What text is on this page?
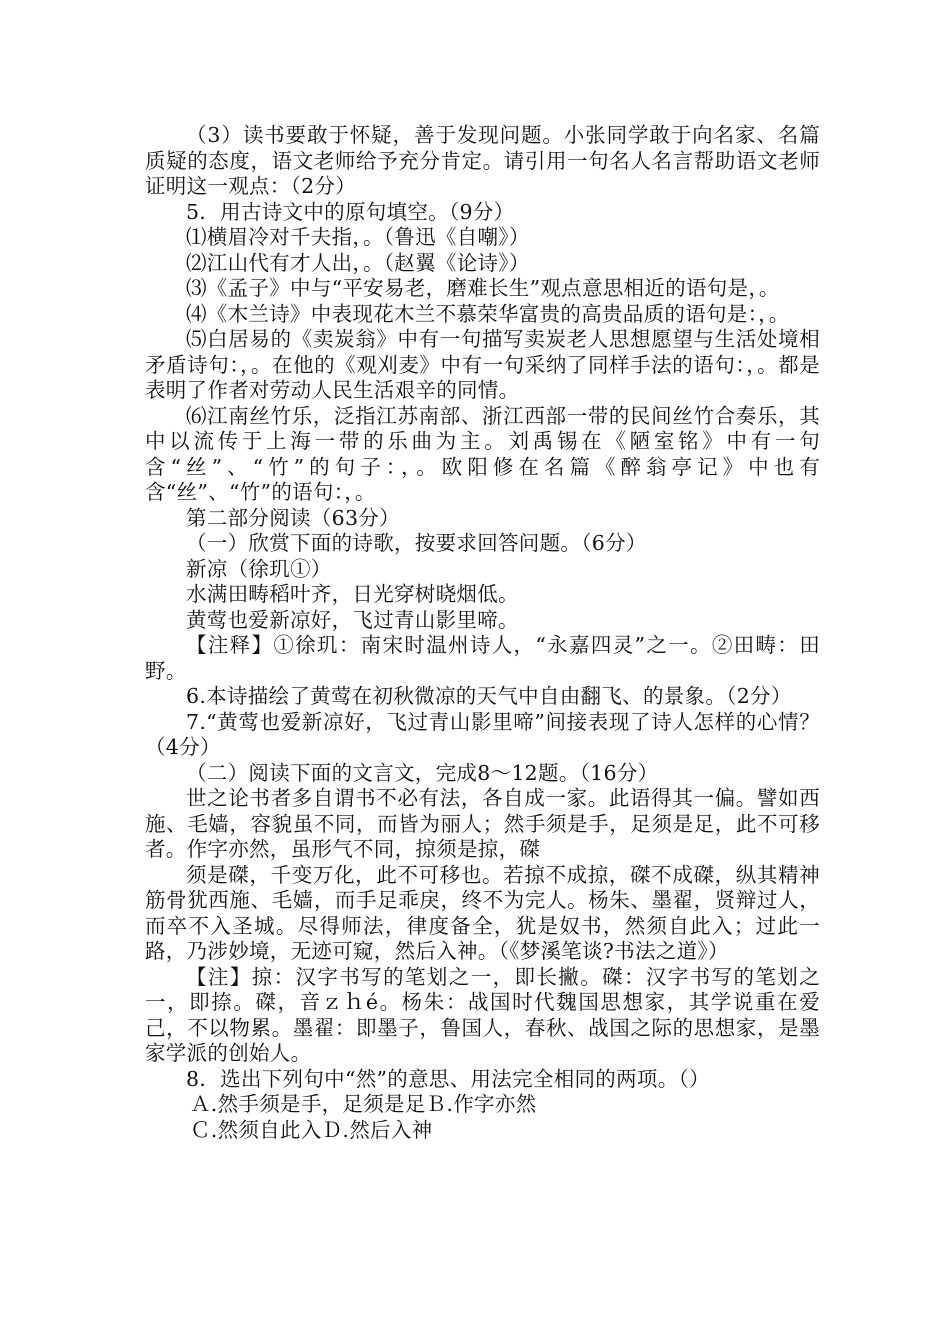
（3）读书要敢于怀疑，善于发现问题。小张同学敢于向名家、名篇质疑的态度，语文老师给予充分肯定。请引用一句名人名言帮助语文老师证明这一观点：（2分）

5．用古诗文中的原句填空。（9分）

⑴横眉冷对千夫指，。（鲁迅《自嘲》）

⑵江山代有才人出，。（赵翼《论诗》）

⑶《孟子》中与“平安易老，磨难长生”观点意思相近的语句是，。

⑷《木兰诗》中表现花木兰不慕荣华富贵的高贵品质的语句是：，。

⑸白居易的《卖炭翁》中有一句描写卖炭老人思想愿望与生活处境相矛盾诗句：，。在他的《观刈麦》中有一句采纳了同样手法的语句：，。都是表明了作者对劳动人民生活艰辛的同情。

⑹江南丝竹乐，泛指江苏南部、浙江西部一带的民间丝竹合奏乐，其中以流传于上海一带的乐曲为主。刘禹锡在《陋室铭》中有一句含“丝”、“竹”的句子：，。欧阳修在名篇《醉翁亭记》中也有含“丝”、“竹”的语句：，。

第二部分阅读（63分）

（一）欣赏下面的诗歌，按要求回答问题。（6分）

新凉（徐玑①）

水满田畴稻叶齐，日光穿树晓烟低。

黄莺也爱新凉好，飞过青山影里啼。

【注释】①徐玑：南宋时温州诗人，“永嘉四灵”之一。②田畴：田野。

6.本诗描绘了黄莺在初秋微凉的天气中自由翻飞、的景象。（2分）

7.“黄莺也爱新凉好，飞过青山影里啼”间接表现了诗人怎样的心情？（4分）

（二）阅读下面的文言文，完成8～12题。（16分）

世之论书者多自谓书不必有法，各自成一家。此语得其一偏。譬如西施、毛嫱，容貌虽不同，而皆为丽人；然手须是手，足须是足，此不可移者。作字亦然，虽形气不同，掠须是掠，磔

须是磔，千变万化，此不可移也。若掠不成掠，磔不成磔，纵其精神筋骨犹西施、毛嫱，而手足乖戾，终不为完人。杨朱、墨翟，贤辩过人，而卒不入圣城。尽得师法，律度备全，犹是奴书，然须自此入；过此一路，乃涉妙境，无迹可窥，然后入神。（《梦溪笔谈?书法之道》）

【注】掠：汉字书写的笔划之一，即长撇。磔：汉字书写的笔划之一，即捺。磔，音ｚｈé。杨朱：战国时代魏国思想家，其学说重在爱己，不以物累。墨翟：即墨子，鲁国人，春秋、战国之际的思想家，是墨家学派的创始人。

8．选出下列句中“然”的意思、用法完全相同的两项。（）

Ａ.然手须是手，足须是足Ｂ.作字亦然

Ｃ.然须自此入Ｄ.然后入神
